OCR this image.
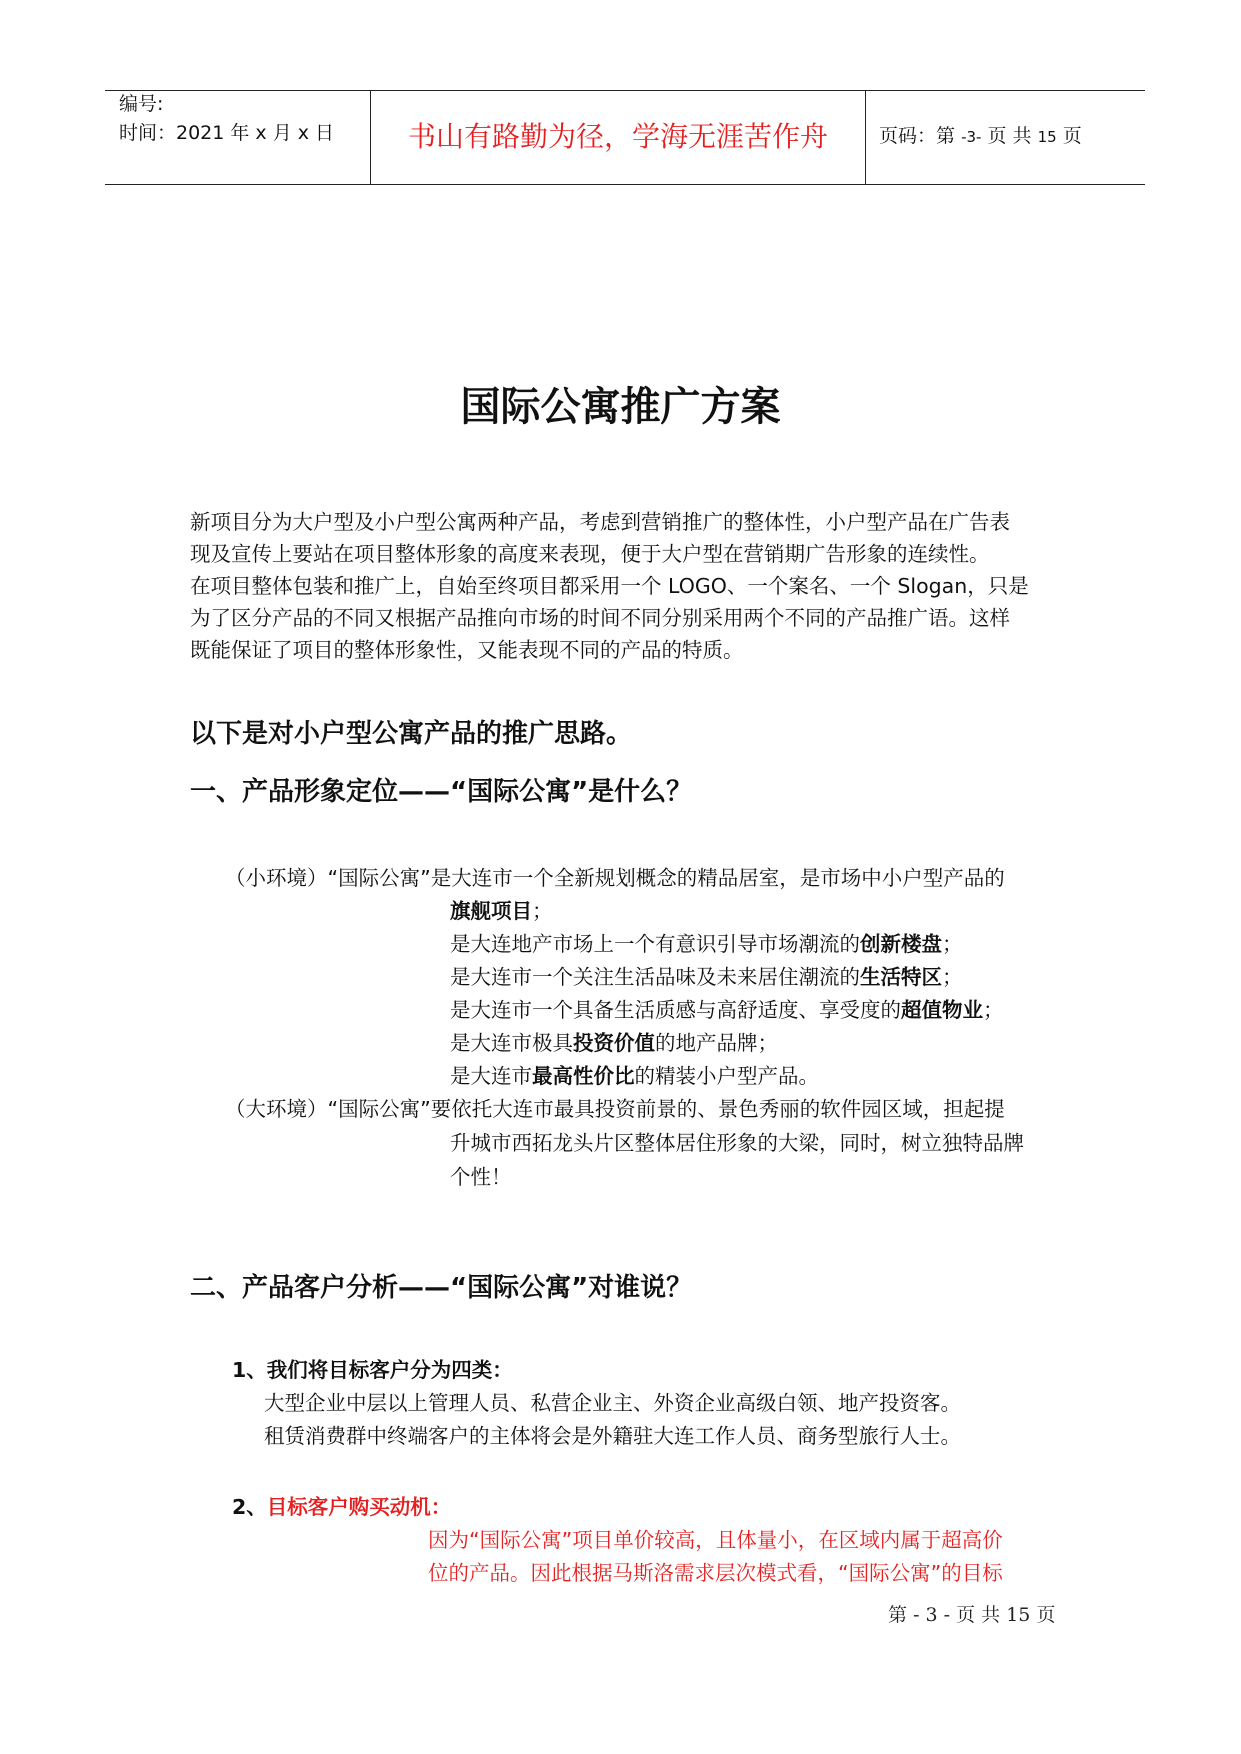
编号:
时间：2021 年 x 月 x 日	书山有路勤为径，学海无涯苦作舟	页码：第 -3- 页 共 15 页
国际公寓推广方案
新项目分为大户型及小户型公寓两种产品，考虑到营销推广的整体性，小户型产品在广告表
现及宣传上要站在项目整体形象的高度来表现，便于大户型在营销期广告形象的连续性。
在项目整体包装和推广上，自始至终项目都采用一个 LOGO、一个案名、一个 Slogan，只是
为了区分产品的不同又根据产品推向市场的时间不同分别采用两个不同的产品推广语。这样
既能保证了项目的整体形象性，又能表现不同的产品的特质。
以下是对小户型公寓产品的推广思路。
一、产品形象定位——“国际公寓”是什么？
（小环境）“国际公寓”是大连市一个全新规划概念的精品居室，是市场中小户型产品的
旗舰项目；
是大连地产市场上一个有意识引导市场潮流的创新楼盘；
是大连市一个关注生活品味及未来居住潮流的生活特区；
是大连市一个具备生活质感与高舒适度、享受度的超值物业；
是大连市极具投资价值的地产品牌；
是大连市最高性价比的精装小户型产品。
（大环境）“国际公寓”要依托大连市最具投资前景的、景色秀丽的软件园区域，担起提
升城市西拓龙头片区整体居住形象的大梁，同时，树立独特品牌
个性！
二、产品客户分析——“国际公寓”对谁说？
1、我们将目标客户分为四类：
大型企业中层以上管理人员、私营企业主、外资企业高级白领、地产投资客。
租赁消费群中终端客户的主体将会是外籍驻大连工作人员、商务型旅行人士。
2、目标客户购买动机：
因为“国际公寓”项目单价较高，且体量小，在区域内属于超高价
位的产品。因此根据马斯洛需求层次模式看，“国际公寓”的目标
第 - 3 - 页 共 15 页
